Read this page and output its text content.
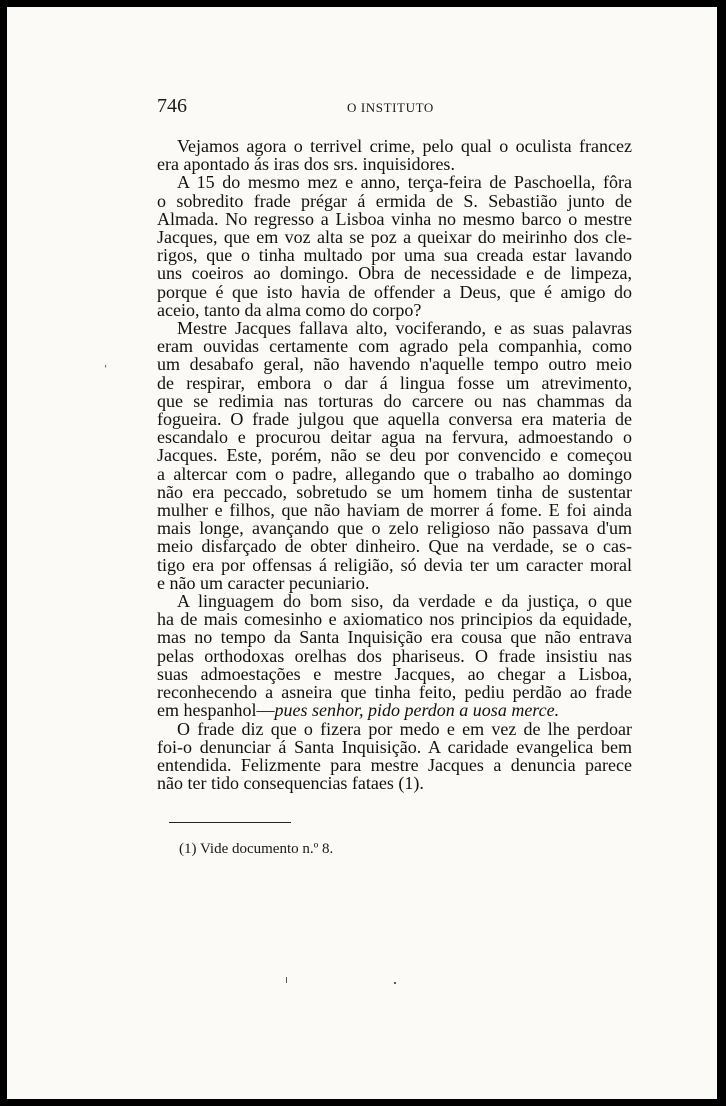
746	O INSTITUTO
Vejamos agora o terrivel crime, pelo qual o oculista francez
era apontado ás iras dos srs. inquisidores.
A 15 do mesmo mez e anno, terça-feira de Paschoella, fôra
o sobredito frade prégar á ermida de S. Sebastião junto de
Almada. No regresso a Lisboa vinha no mesmo barco o mestre
Jacques, que em voz alta se poz a queixar do meirinho dos cle-
rigos, que o tinha multado por uma sua creada estar lavando
uns coeiros ao domingo. Obra de necessidade e de limpeza,
porque é que isto havia de offender a Deus, que é amigo do
aceio, tanto da alma como do corpo?
Mestre Jacques fallava alto, vociferando, e as suas palavras
eram ouvidas certamente com agrado pela companhia, como
um desabafo geral, não havendo n'aquelle tempo outro meio
de respirar, embora o dar á lingua fosse um atrevimento,
que se redimia nas torturas do carcere ou nas chammas da
fogueira. O frade julgou que aquella conversa era materia de
escandalo e procurou deitar agua na fervura, admoestando o
Jacques. Este, porém, não se deu por convencido e começou
a altercar com o padre, allegando que o trabalho ao domingo
não era peccado, sobretudo se um homem tinha de sustentar
mulher e filhos, que não haviam de morrer á fome. E foi ainda
mais longe, avançando que o zelo religioso não passava d'um
meio disfarçado de obter dinheiro. Que na verdade, se o cas-
tigo era por offensas á religião, só devia ter um caracter moral
e não um caracter pecuniario.
A linguagem do bom siso, da verdade e da justiça, o que
ha de mais comesinho e axiomatico nos principios da equidade,
mas no tempo da Santa Inquisição era cousa que não entrava
pelas orthodoxas orelhas dos phariseus. O frade insistiu nas
suas admoestações e mestre Jacques, ao chegar a Lisboa,
reconhecendo a asneira que tinha feito, pediu perdão ao frade
em hespanhol—pues senhor, pido perdon a uosa merce.
O frade diz que o fizera por medo e em vez de lhe perdoar
foi-o denunciar á Santa Inquisição. A caridade evangelica bem
entendida. Felizmente para mestre Jacques a denuncia parece
não ter tido consequencias fataes (1).
(1) Vide documento n.º 8.
ˌ
